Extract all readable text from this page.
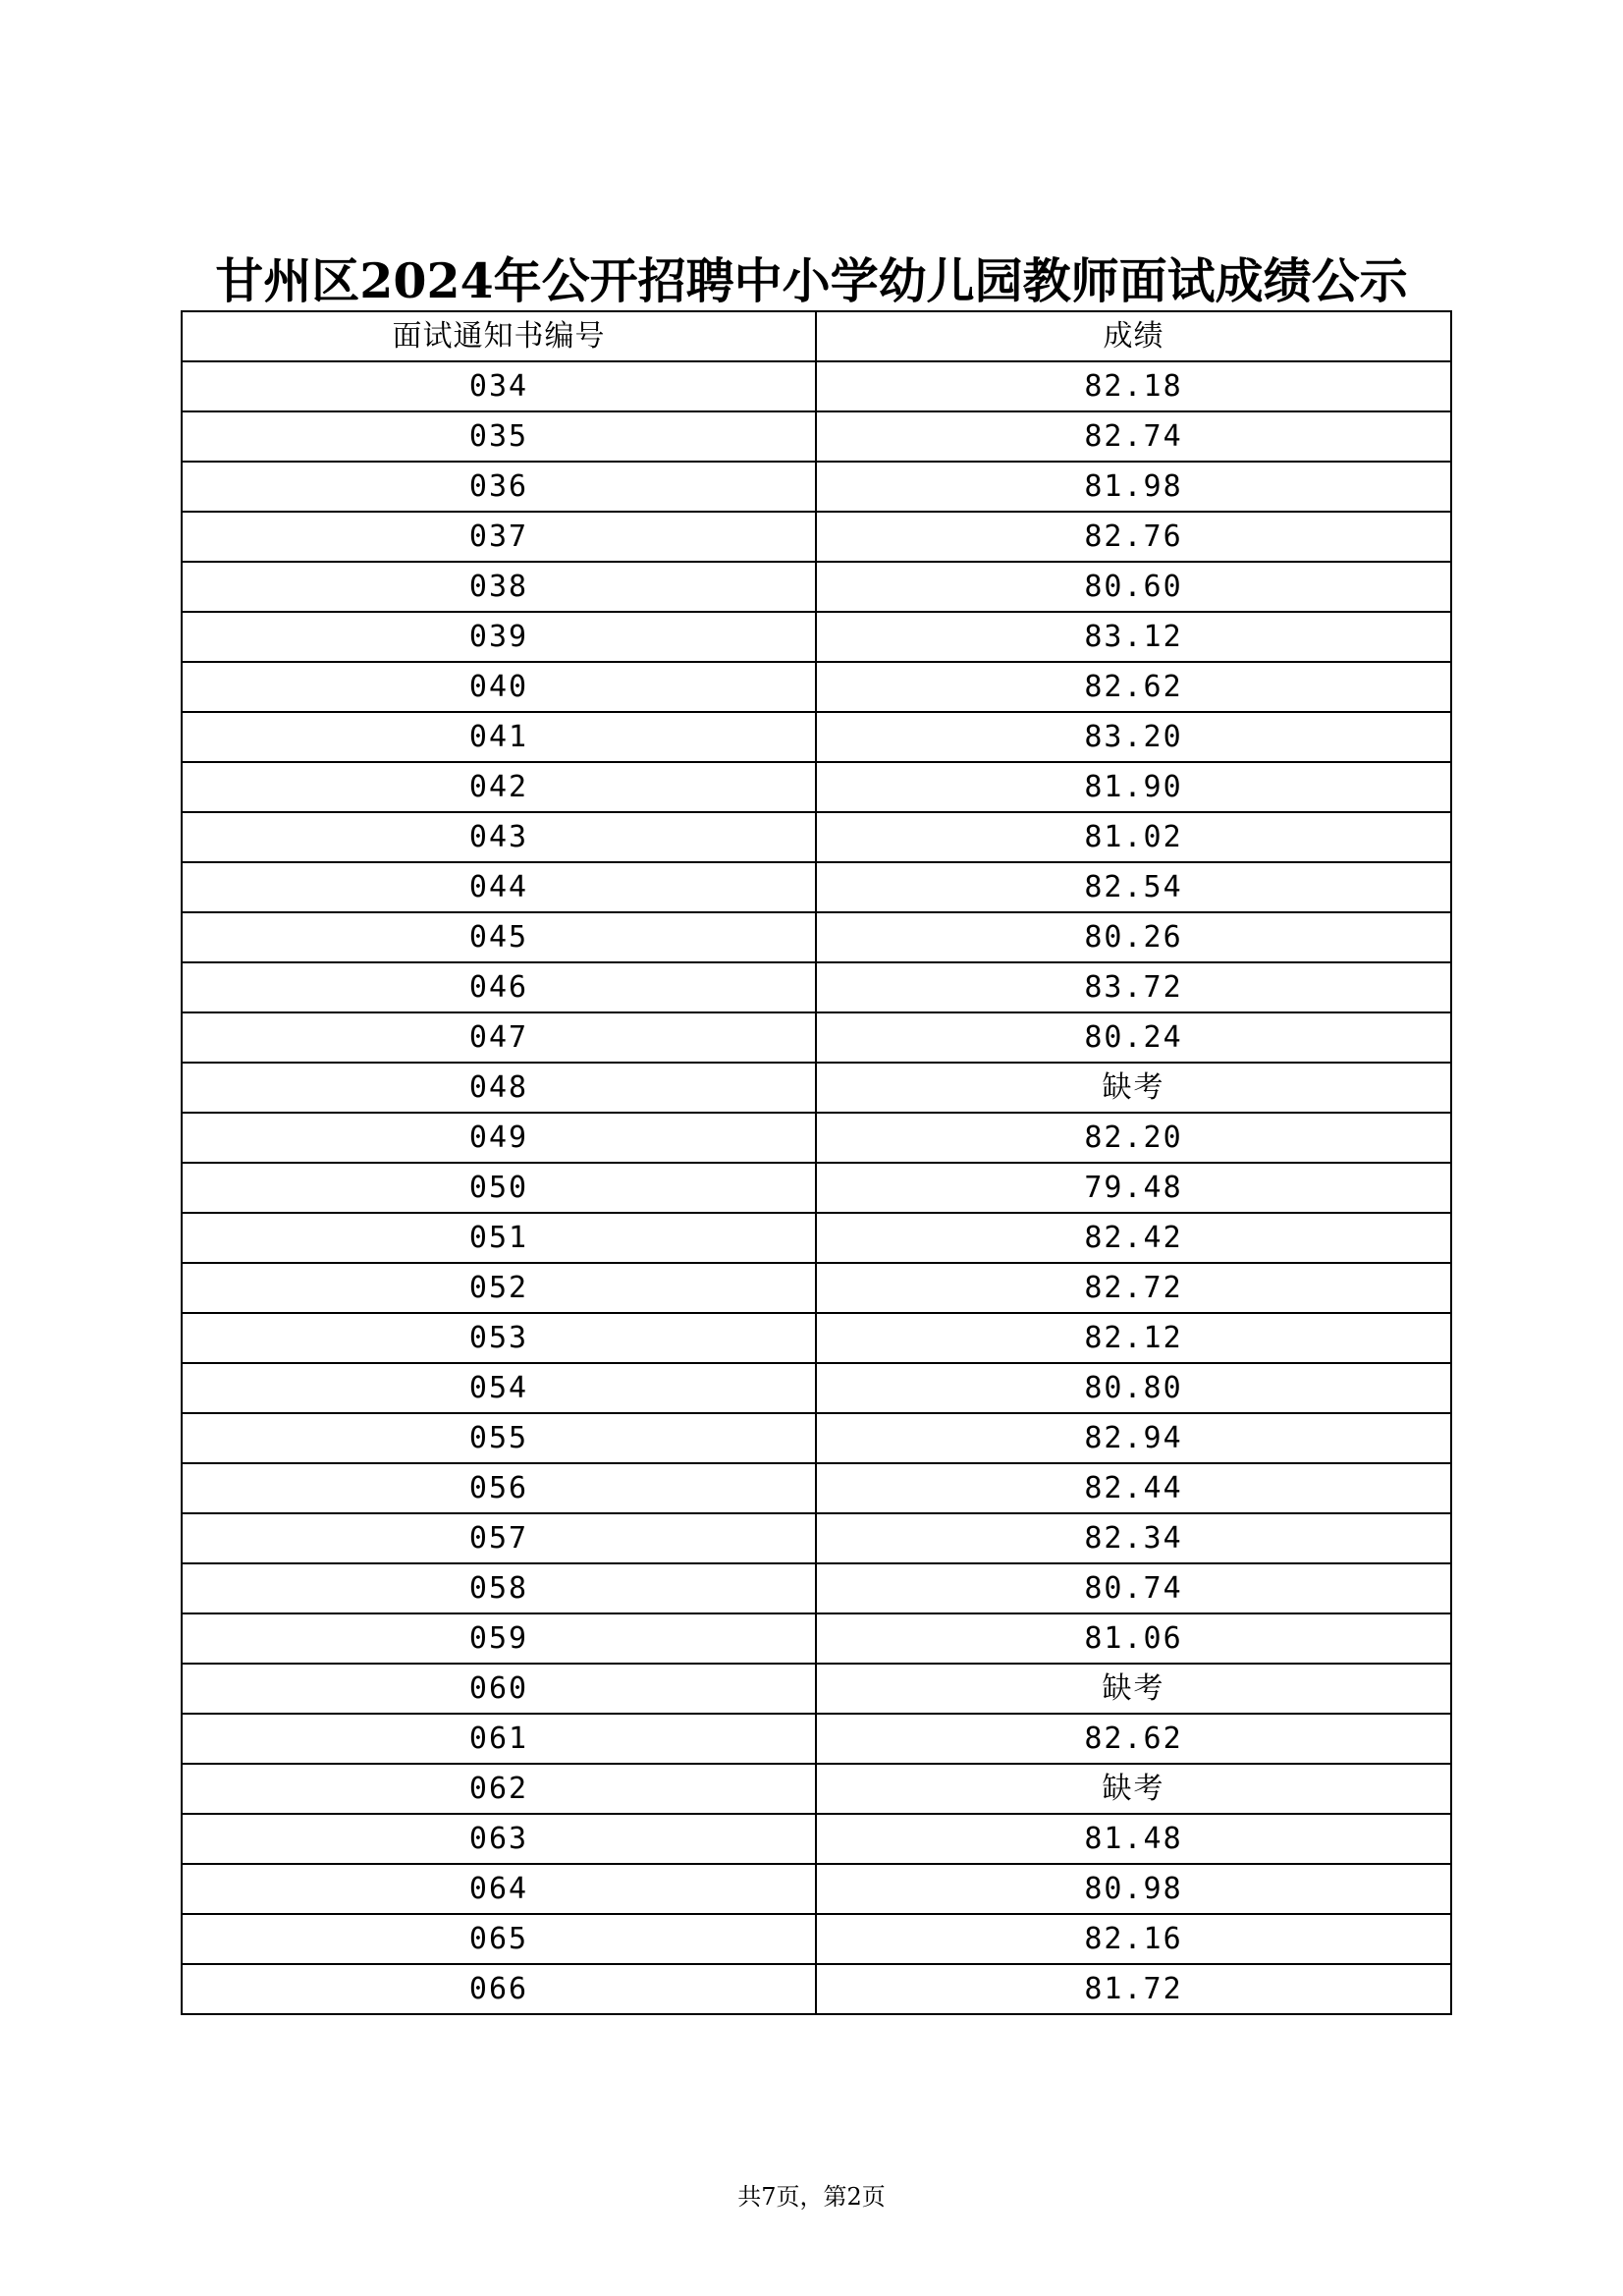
甘州区2024年公开招聘中小学幼儿园教师面试成绩公示
面试通知书编号	成绩
034	82.18
035	82.74
036	81.98
037	82.76
038	80.60
039	83.12
040	82.62
041	83.20
042	81.90
043	81.02
044	82.54
045	80.26
046	83.72
047	80.24
048	缺考
049	82.20
050	79.48
051	82.42
052	82.72
053	82.12
054	80.80
055	82.94
056	82.44
057	82.34
058	80.74
059	81.06
060	缺考
061	82.62
062	缺考
063	81.48
064	80.98
065	82.16
066	81.72
共7页，第2页
